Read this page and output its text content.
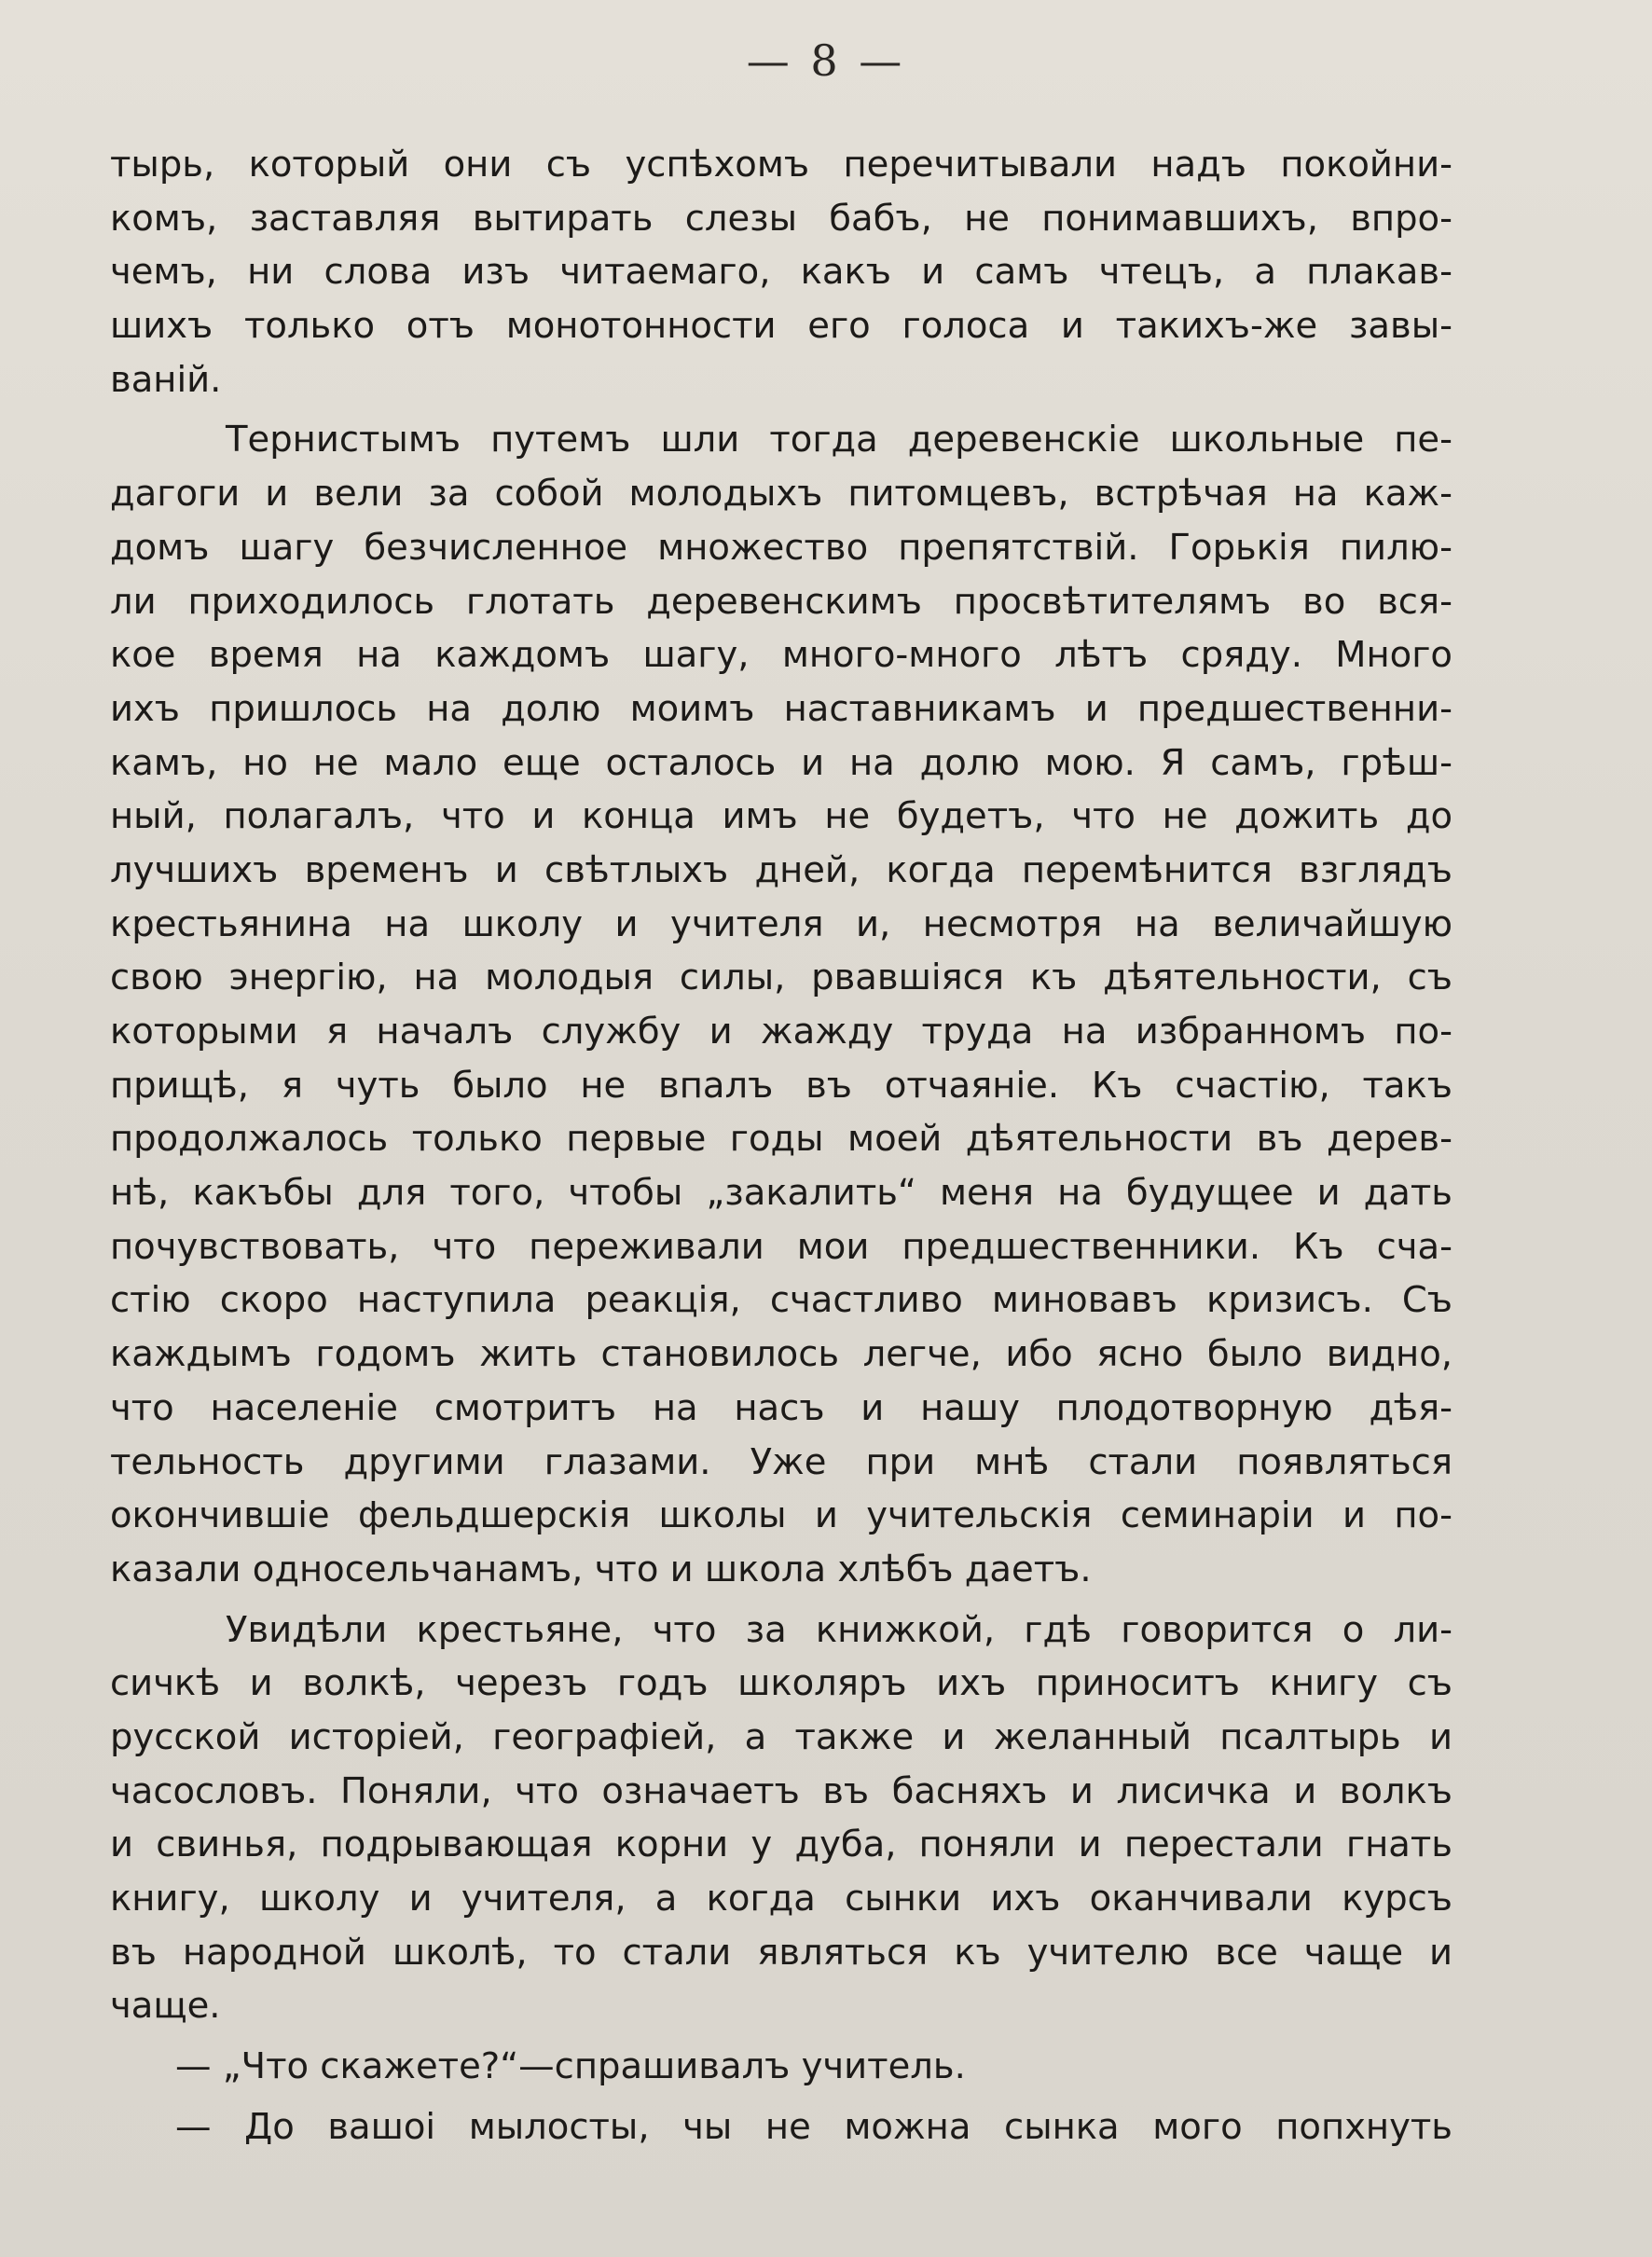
— 8 —
тырь, который они съ успѣхомъ перечитывали надъ покойни-
комъ, заставляя вытирать слезы бабъ, не понимавшихъ, впро-
чемъ, ни слова изъ читаемаго, какъ и самъ чтецъ, а плакав-
шихъ только отъ монотонности его голоса и такихъ-же завы-
ванiй.
Тернистымъ путемъ шли тогда деревенскiе школьные пе-
дагоги и вели за собой молодыхъ питомцевъ, встрѣчая на каж-
домъ шагу безчисленное множество препятствiй. Горькiя пилю-
ли приходилось глотать деревенскимъ просвѣтителямъ во вся-
кое время на каждомъ шагу, много-много лѣтъ сряду. Много
ихъ пришлось на долю моимъ наставникамъ и предшественни-
камъ, но не мало еще осталось и на долю мою. Я самъ, грѣш-
ный, полагалъ, что и конца имъ не будетъ, что не дожить до
лучшихъ временъ и свѣтлыхъ дней, когда перемѣнится взглядъ
крестьянина на школу и учителя и, несмотря на величайшую
свою энергiю, на молодыя силы, рвавшiяся къ дѣятельности, съ
которыми я началъ службу и жажду труда на избранномъ по-
прищѣ, я чуть было не впалъ въ отчаянiе. Къ счастiю, такъ
продолжалось только первые годы моей дѣятельности въ дерев-
нѣ, какъбы для того, чтобы „закалить“ меня на будущее и дать
почувствовать, что переживали мои предшественники. Къ сча-
стiю скоро наступила реакцiя, счастливо миновавъ кризисъ. Съ
каждымъ годомъ жить становилось легче, ибо ясно было видно,
что населенiе смотритъ на насъ и нашу плодотворную дѣя-
тельность другими глазами. Уже при мнѣ стали появляться
окончившiе фельдшерскiя школы и учительскiя семинарiи и по-
казали односельчанамъ, что и школа хлѣбъ даетъ.
Увидѣли крестьяне, что за книжкой, гдѣ говорится о ли-
сичкѣ и волкѣ, черезъ годъ школяръ ихъ приноситъ книгу съ
русской исторiей, географiей, а также и желанный псалтырь и
часословъ. Поняли, что означаетъ въ басняхъ и лисичка и волкъ
и свинья, подрывающая корни у дуба, поняли и перестали гнать
книгу, школу и учителя, а когда сынки ихъ оканчивали курсъ
въ народной школѣ, то стали являться къ учителю все чаще и
чаще.
— „Что скажете?“—спрашивалъ учитель.
— До вашоi мылосты, чы не можна сынка мого попхнуть
